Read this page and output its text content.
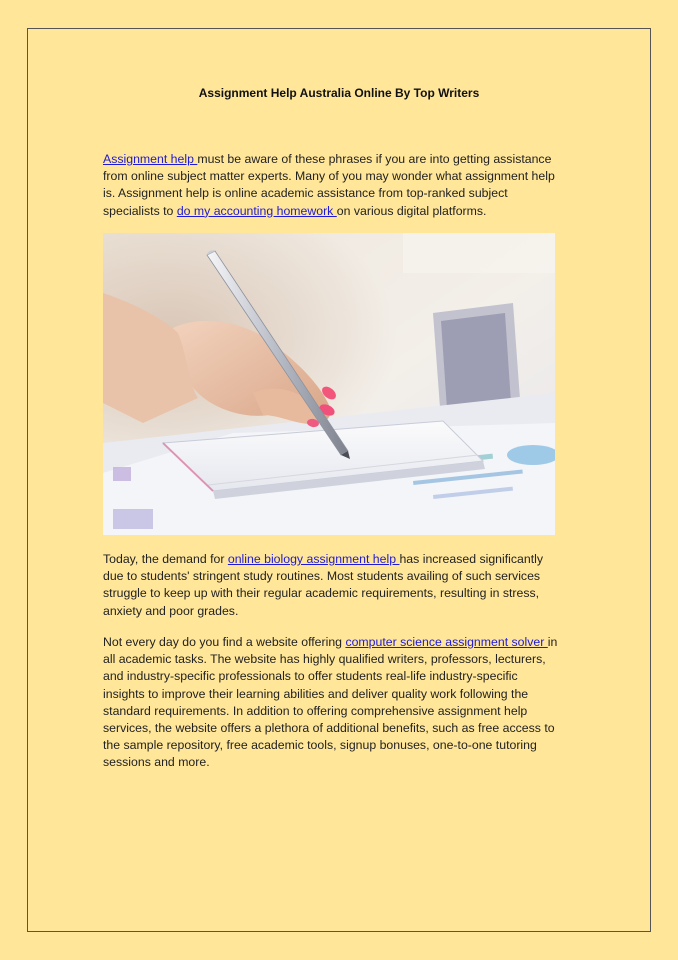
Assignment Help Australia Online By Top Writers

Assignment help must be aware of these phrases if you are into getting assistance from online subject matter experts. Many of you may wonder what assignment help is. Assignment help is online academic assistance from top-ranked subject specialists to do my accounting homework on various digital platforms.

Today, the demand for online biology assignment help has increased significantly due to students' stringent study routines. Most students availing of such services struggle to keep up with their regular academic requirements, resulting in stress, anxiety and poor grades.

Not every day do you find a website offering computer science assignment solver in all academic tasks. The website has highly qualified writers, professors, lecturers, and industry-specific professionals to offer students real-life industry-specific insights to improve their learning abilities and deliver quality work following the standard requirements. In addition to offering comprehensive assignment help services, the website offers a plethora of additional benefits, such as free access to the sample repository, free academic tools, signup bonuses, one-to-one tutoring sessions and more.
